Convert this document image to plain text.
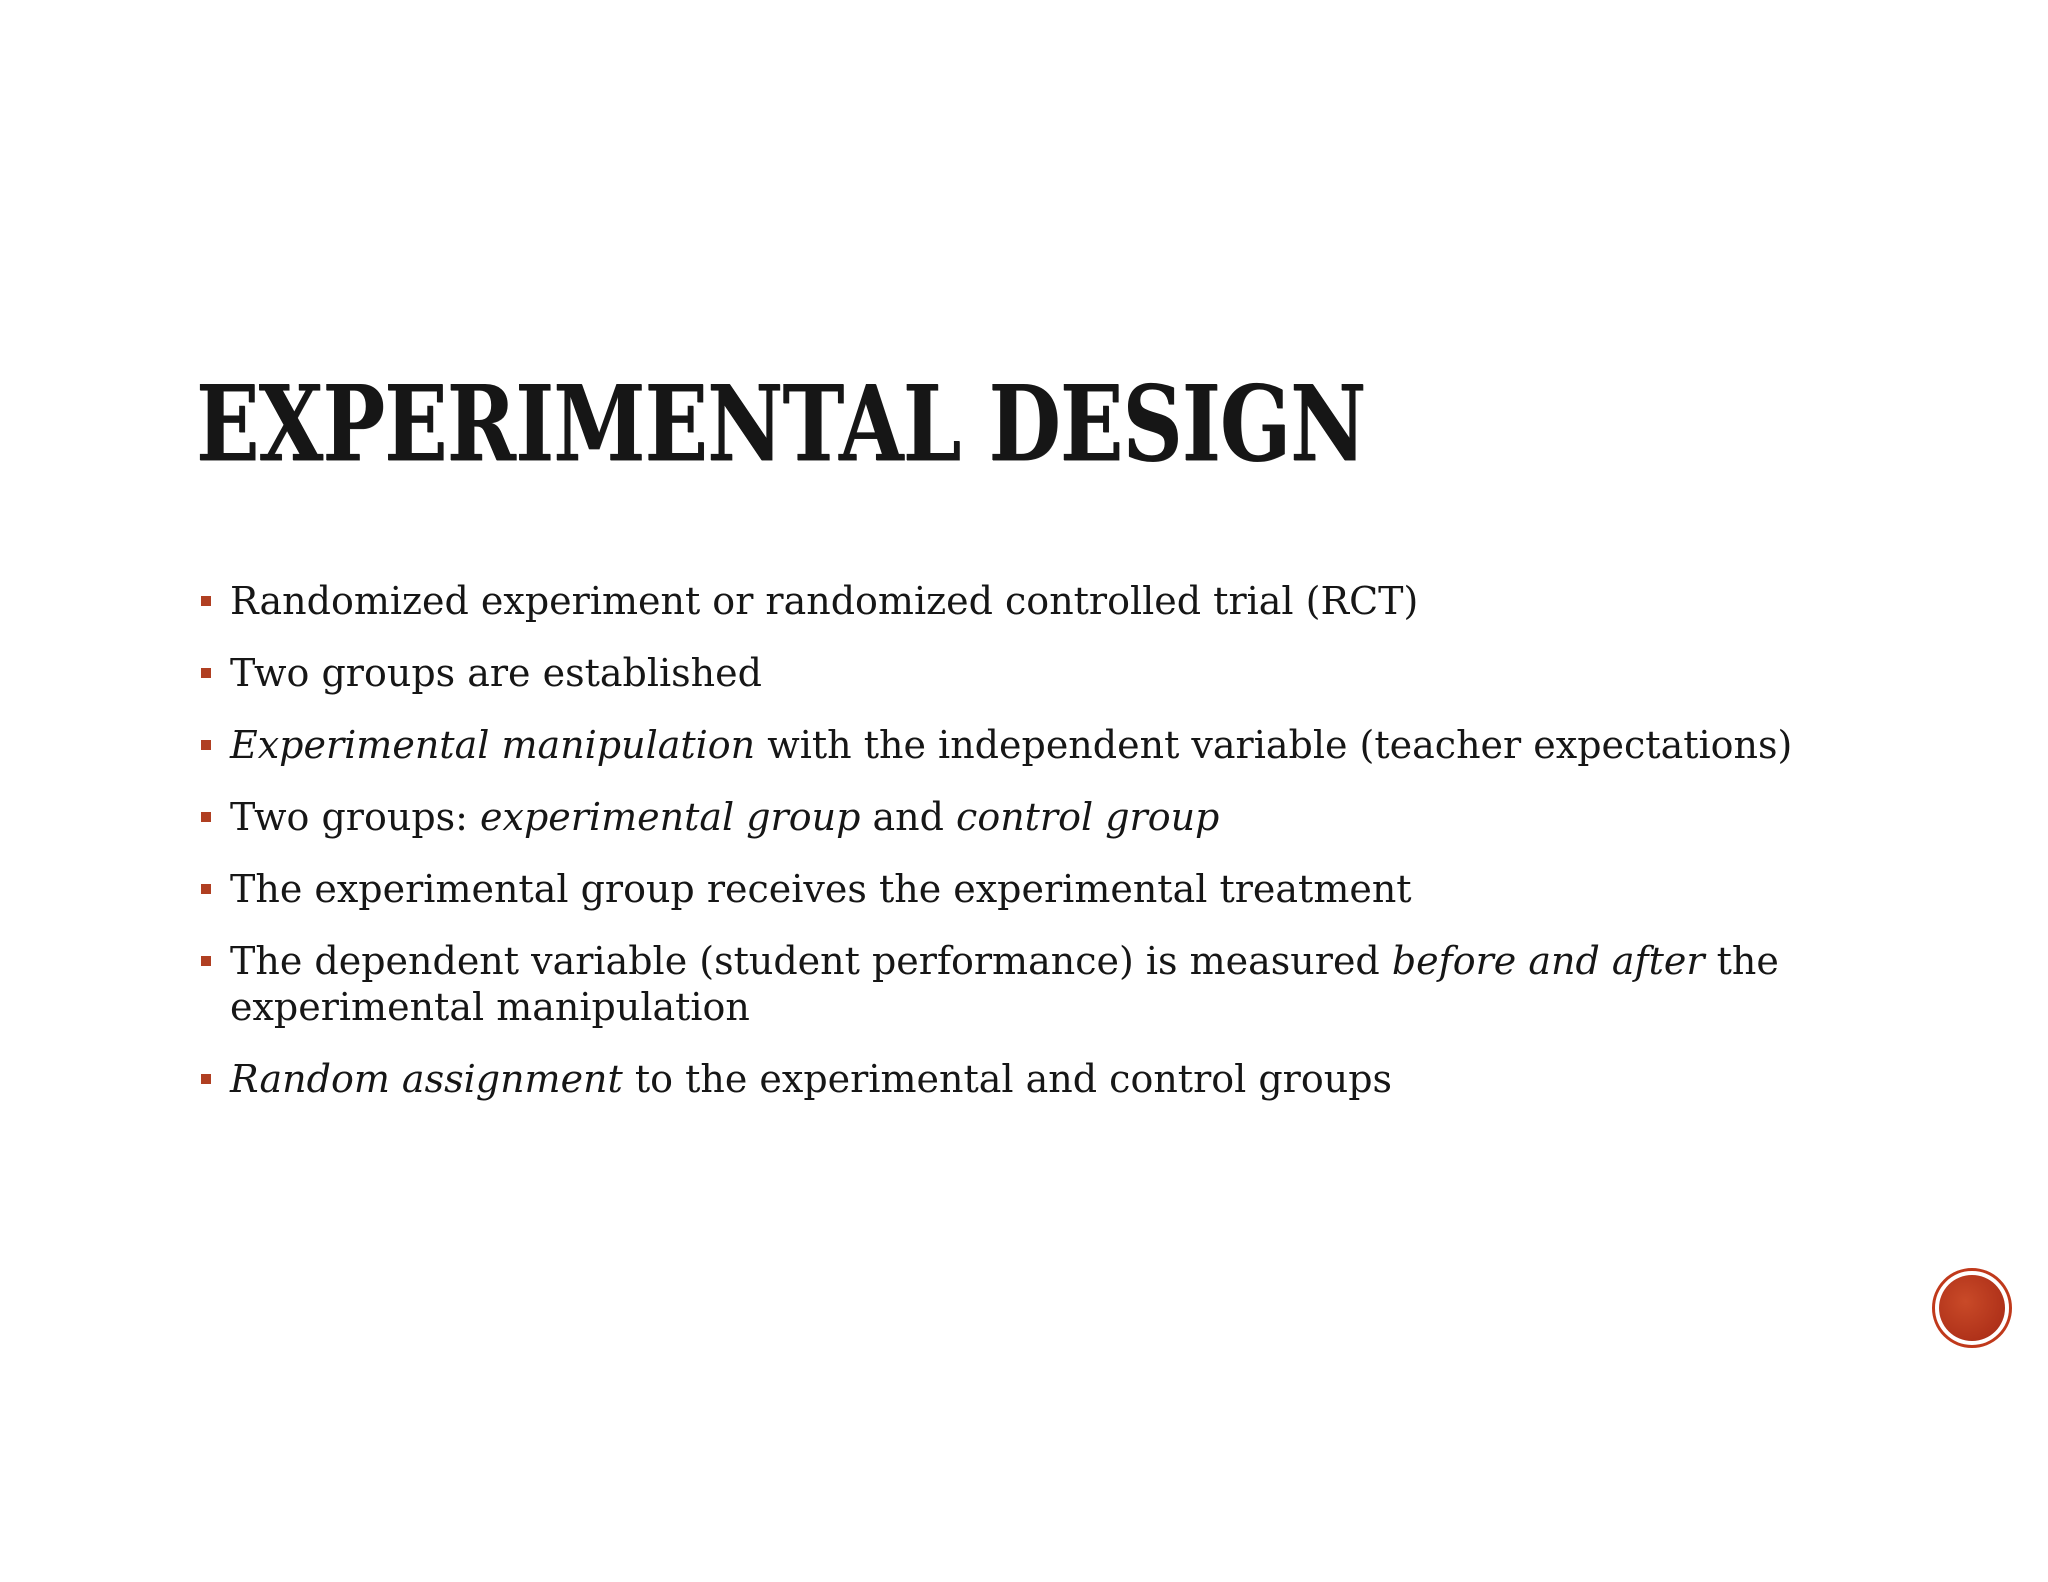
EXPERIMENTAL DESIGN
Randomized experiment or randomized controlled trial (RCT)
Two groups are established
Experimental manipulation with the independent variable (teacher expectations)
Two groups: experimental group and control group
The experimental group receives the experimental treatment
The dependent variable (student performance) is measured before and after the experimental manipulation
Random assignment to the experimental and control groups
